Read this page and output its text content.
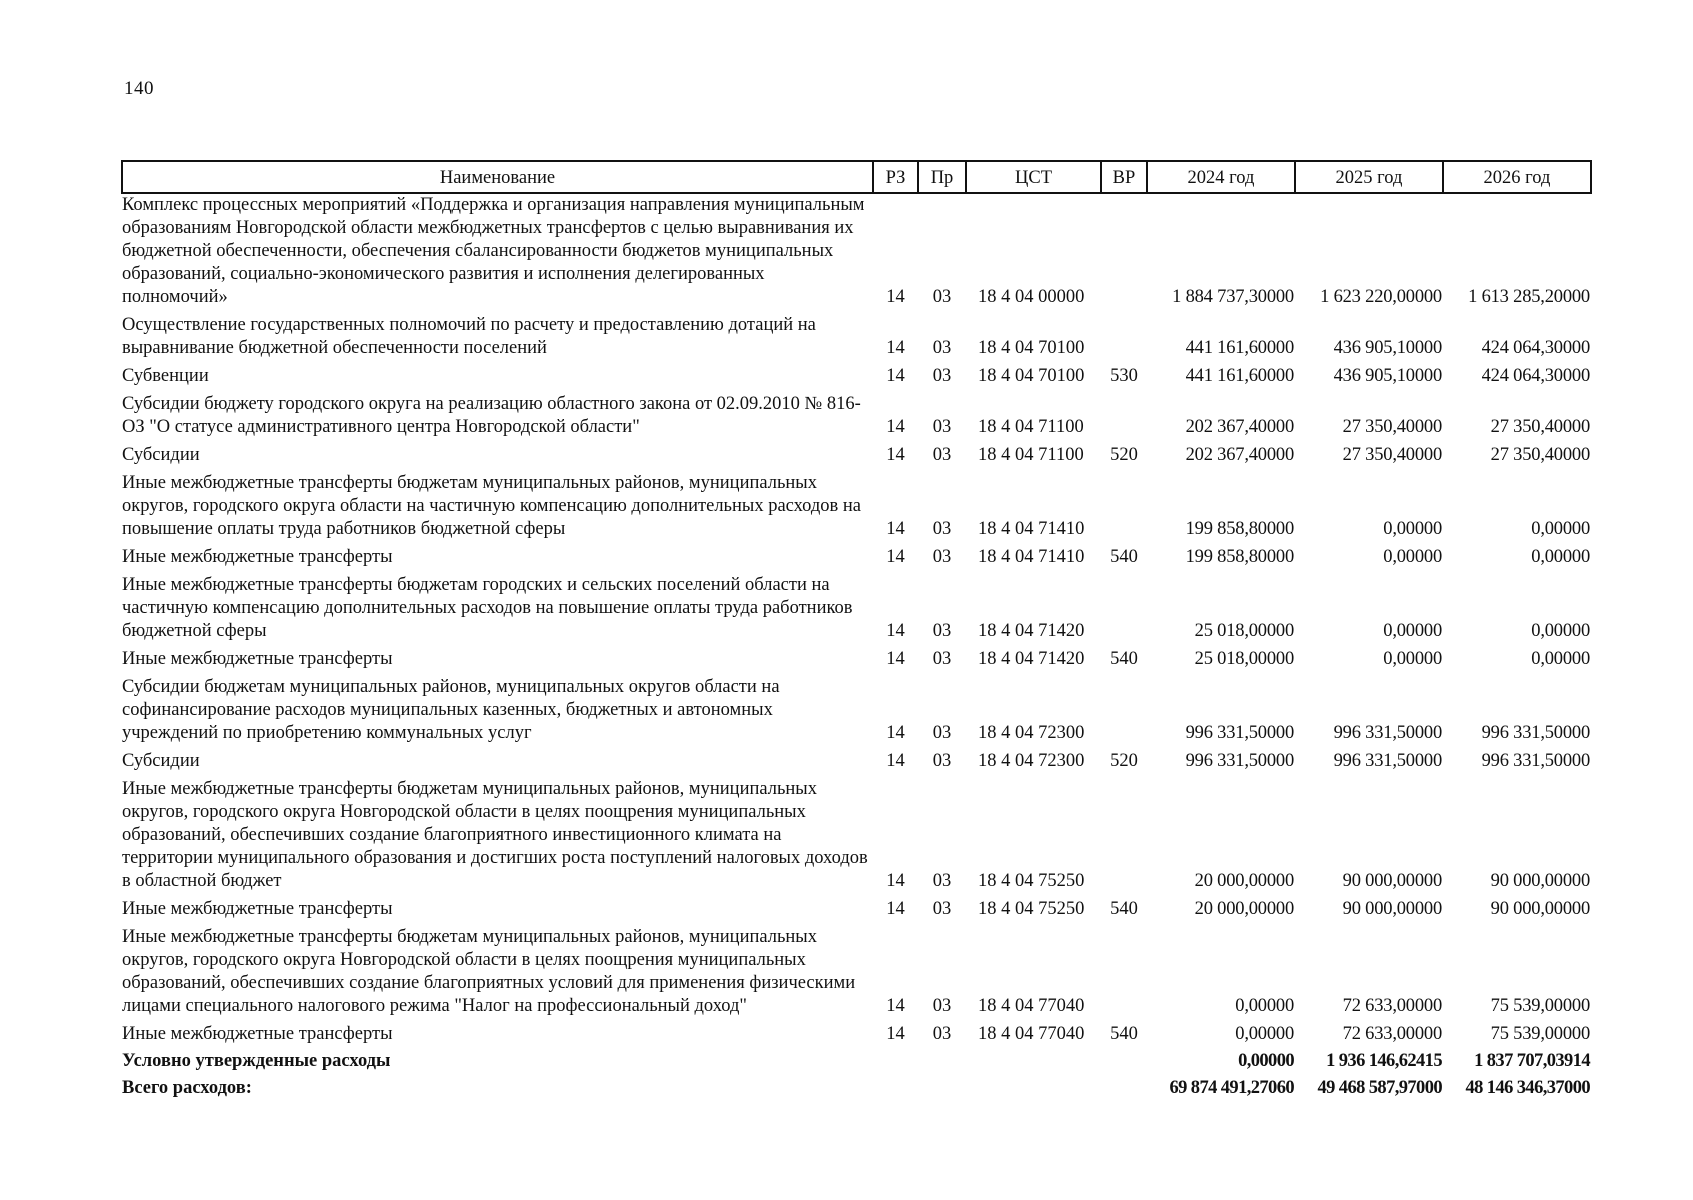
140
Наименование	РЗ	Пр	ЦСТ	ВР	2024 год	2025 год	2026 год
Комплекс процессных мероприятий «Поддержка и организация направления муниципальным образованиям Новгородской области межбюджетных трансфертов с целью выравнивания их бюджетной обеспеченности, обеспечения сбалансированности бюджетов муниципальных образований, социально-экономического развития и исполнения делегированных полномочий»	14	03	18 4 04 00000		1 884 737,30000	1 623 220,00000	1 613 285,20000
Осуществление государственных полномочий по расчету и предоставлению дотаций на выравнивание бюджетной обеспеченности поселений	14	03	18 4 04 70100		441 161,60000	436 905,10000	424 064,30000
Субвенции	14	03	18 4 04 70100	530	441 161,60000	436 905,10000	424 064,30000
Субсидии бюджету городского округа на реализацию областного закона от 02.09.2010 № 816-ОЗ "О статусе административного центра Новгородской области"	14	03	18 4 04 71100		202 367,40000	27 350,40000	27 350,40000
Субсидии	14	03	18 4 04 71100	520	202 367,40000	27 350,40000	27 350,40000
Иные межбюджетные трансферты бюджетам муниципальных районов, муниципальных округов, городского округа области на частичную компенсацию дополнительных расходов на повышение оплаты труда работников бюджетной сферы	14	03	18 4 04 71410		199 858,80000	0,00000	0,00000
Иные межбюджетные трансферты	14	03	18 4 04 71410	540	199 858,80000	0,00000	0,00000
Иные межбюджетные трансферты бюджетам городских и сельских поселений области на частичную компенсацию дополнительных расходов на повышение оплаты труда работников бюджетной сферы	14	03	18 4 04 71420		25 018,00000	0,00000	0,00000
Иные межбюджетные трансферты	14	03	18 4 04 71420	540	25 018,00000	0,00000	0,00000
Субсидии бюджетам муниципальных районов, муниципальных округов области на софинансирование расходов муниципальных казенных, бюджетных и автономных учреждений по приобретению коммунальных услуг	14	03	18 4 04 72300		996 331,50000	996 331,50000	996 331,50000
Субсидии	14	03	18 4 04 72300	520	996 331,50000	996 331,50000	996 331,50000
Иные межбюджетные трансферты бюджетам муниципальных районов, муниципальных округов, городского округа Новгородской области в целях поощрения муниципальных образований, обеспечивших создание благоприятного инвестиционного климата на территории муниципального образования и достигших роста поступлений налоговых доходов в областной бюджет	14	03	18 4 04 75250		20 000,00000	90 000,00000	90 000,00000
Иные межбюджетные трансферты	14	03	18 4 04 75250	540	20 000,00000	90 000,00000	90 000,00000
Иные межбюджетные трансферты бюджетам муниципальных районов, муниципальных округов, городского округа Новгородской области в целях поощрения муниципальных образований, обеспечивших создание благоприятных условий для применения физическими лицами специального налогового режима "Налог на профессиональный доход"	14	03	18 4 04 77040		0,00000	72 633,00000	75 539,00000
Иные межбюджетные трансферты	14	03	18 4 04 77040	540	0,00000	72 633,00000	75 539,00000
Условно утвержденные расходы					0,00000	1 936 146,62415	1 837 707,03914
Всего расходов:					69 874 491,27060	49 468 587,97000	48 146 346,37000
